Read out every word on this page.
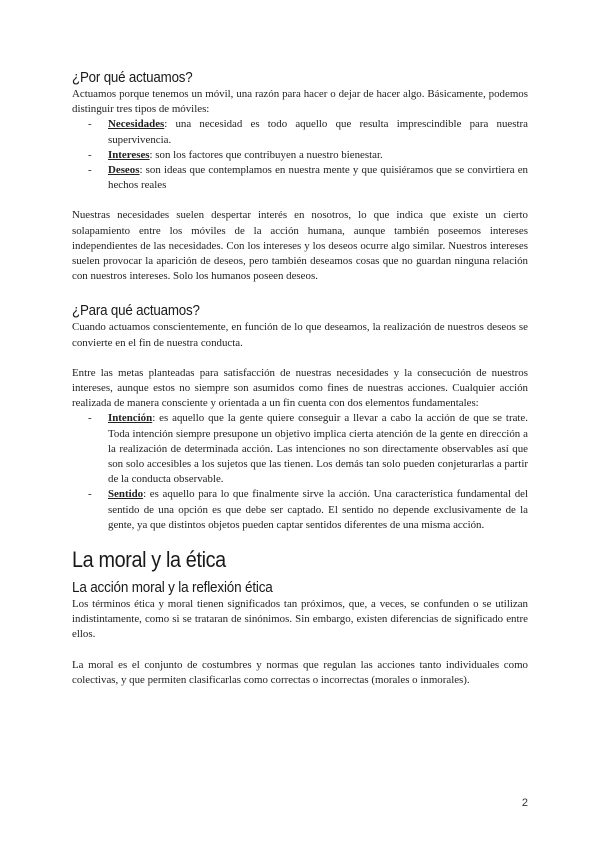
¿Por qué actuamos?

Actuamos porque tenemos un móvil, una razón para hacer o dejar de hacer algo. Básicamente, podemos distinguir tres tipos de móviles:

- Necesidades: una necesidad es todo aquello que resulta imprescindible para nuestra supervivencia.
- Intereses: son los factores que contribuyen a nuestro bienestar.
- Deseos: son ideas que contemplamos en nuestra mente y que quisiéramos que se convirtiera en hechos reales

Nuestras necesidades suelen despertar interés en nosotros, lo que indica que existe un cierto solapamiento entre los móviles de la acción humana, aunque también poseemos intereses independientes de las necesidades. Con los intereses y los deseos ocurre algo similar. Nuestros intereses suelen provocar la aparición de deseos, pero también deseamos cosas que no guardan ninguna relación con nuestros intereses. Solo los humanos poseen deseos.

¿Para qué actuamos?

Cuando actuamos conscientemente, en función de lo que deseamos, la realización de nuestros deseos se convierte en el fin de nuestra conducta.

Entre las metas planteadas para satisfacción de nuestras necesidades y la consecución de nuestros intereses, aunque estos no siempre son asumidos como fines de nuestras acciones. Cualquier acción realizada de manera consciente y orientada a un fin cuenta con dos elementos fundamentales:

- Intención: es aquello que la gente quiere conseguir a llevar a cabo la acción de que se trate. Toda intención siempre presupone un objetivo implica cierta atención de la gente en dirección a la realización de determinada acción. Las intenciones no son directamente observables así que son solo accesibles a los sujetos que las tienen. Los demás tan solo pueden conjeturarlas a partir de la conducta observable.
- Sentido: es aquello para lo que finalmente sirve la acción. Una característica fundamental del sentido de una opción es que debe ser captado. El sentido no depende exclusivamente de la gente, ya que distintos objetos pueden captar sentidos diferentes de una misma acción.
La moral y la ética
La acción moral y la reflexión ética

Los términos ética y moral tienen significados tan próximos, que, a veces, se confunden o se utilizan indistintamente, como si se trataran de sinónimos. Sin embargo, existen diferencias de significado entre ellos.

La moral es el conjunto de costumbres y normas que regulan las acciones tanto individuales como colectivas, y que permiten clasificarlas como correctas o incorrectas (morales o inmorales).

2
